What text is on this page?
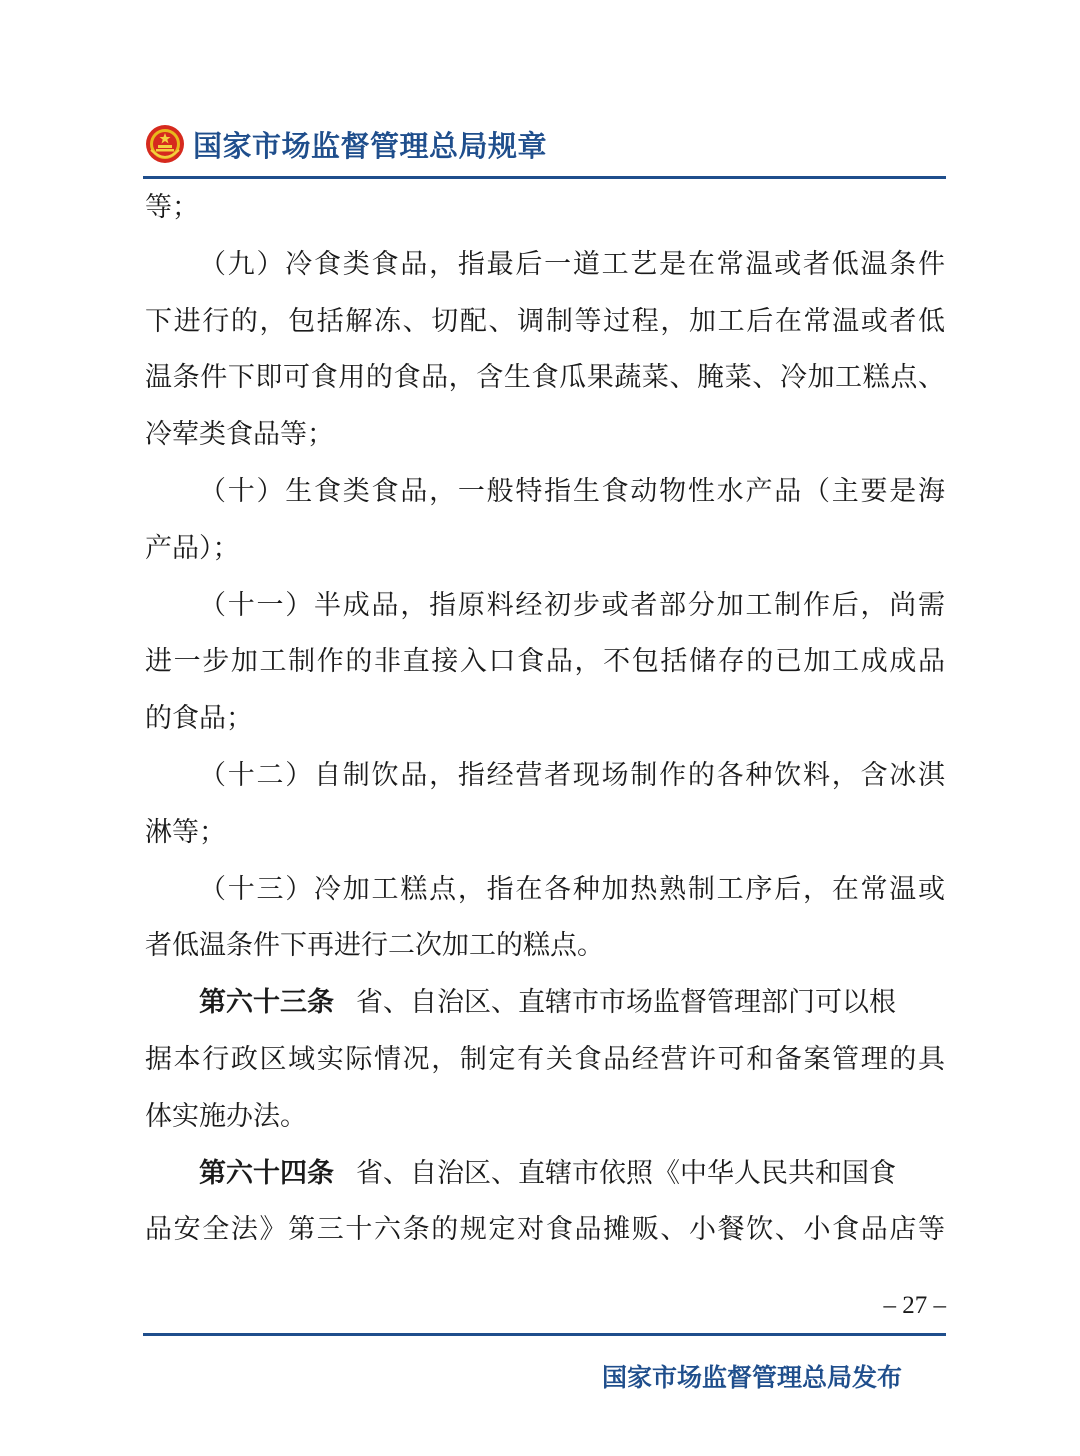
国家市场监督管理总局规章
等；
（九）冷食类食品，指最后一道工艺是在常温或者低温条件
下进行的，包括解冻、切配、调制等过程，加工后在常温或者低
温条件下即可食用的食品，含生食瓜果蔬菜、腌菜、冷加工糕点、
冷荤类食品等；
（十）生食类食品，一般特指生食动物性水产品（主要是海
产品）；
（十一）半成品，指原料经初步或者部分加工制作后，尚需
进一步加工制作的非直接入口食品，不包括储存的已加工成成品
的食品；
（十二）自制饮品，指经营者现场制作的各种饮料，含冰淇
淋等；
（十三）冷加工糕点，指在各种加热熟制工序后，在常温或
者低温条件下再进行二次加工的糕点。
第六十三条 省、自治区、直辖市市场监督管理部门可以根
据本行政区域实际情况，制定有关食品经营许可和备案管理的具
体实施办法。
第六十四条 省、自治区、直辖市依照《中华人民共和国食
品安全法》第三十六条的规定对食品摊贩、小餐饮、小食品店等
– 27 –
国家市场监督管理总局发布
